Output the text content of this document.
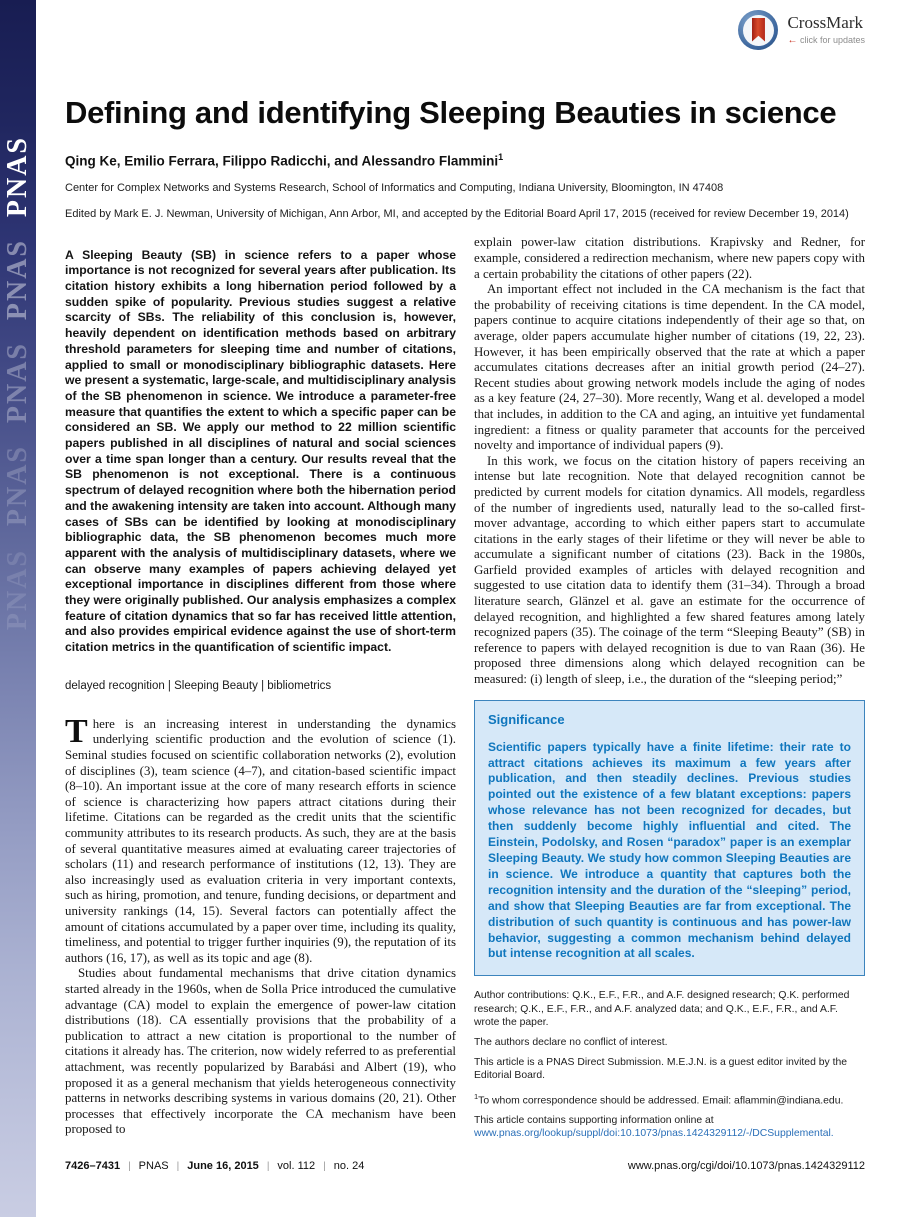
PNAS
PNAS
PNAS
PNAS
PNAS
CrossMark
← click for updates
Defining and identifying Sleeping Beauties in science
Qing Ke, Emilio Ferrara, Filippo Radicchi, and Alessandro Flammini$^1$
Center for Complex Networks and Systems Research, School of Informatics and Computing, Indiana University, Bloomington, IN 47408
Edited by Mark E. J. Newman, University of Michigan, Ann Arbor, MI, and accepted by the Editorial Board April 17, 2015 (received for review December 19, 2014)

A Sleeping Beauty (SB) in science refers to a paper whose importance is not recognized for several years after publication. Its citation history exhibits a long hibernation period followed by a sudden spike of popularity. Previous studies suggest a relative scarcity of SBs. The reliability of this conclusion is, however, heavily dependent on identification methods based on arbitrary threshold parameters for sleeping time and number of citations, applied to small or monodisciplinary bibliographic datasets. Here we present a systematic, large-scale, and multidisciplinary analysis of the SB phenomenon in science. We introduce a parameter-free measure that quantifies the extent to which a specific paper can be considered an SB. We apply our method to 22 million scientific papers published in all disciplines of natural and social sciences over a time span longer than a century. Our results reveal that the SB phenomenon is not exceptional. There is a continuous spectrum of delayed recognition where both the hibernation period and the awakening intensity are taken into account. Although many cases of SBs can be identified by looking at monodisciplinary bibliographic data, the SB phenomenon becomes much more apparent with the analysis of multidisciplinary datasets, where we can observe many examples of papers achieving delayed yet exceptional importance in disciplines different from those where they were originally published. Our analysis emphasizes a complex feature of citation dynamics that so far has received little attention, and also provides empirical evidence against the use of short-term citation metrics in the quantification of scientific impact.

delayed recognition | Sleeping Beauty | bibliometrics

There is an increasing interest in understanding the dynamics underlying scientific production and the evolution of science (1). Seminal studies focused on scientific collaboration networks (2), evolution of disciplines (3), team science (4–7), and citation-based scientific impact (8–10). An important issue at the core of many research efforts in science of science is characterizing how papers attract citations during their lifetime. Citations can be regarded as the credit units that the scientific community attributes to its research products. As such, they are at the basis of several quantitative measures aimed at evaluating career trajectories of scholars (11) and research performance of institutions (12, 13). They are also increasingly used as evaluation criteria in very important contexts, such as hiring, promotion, and tenure, funding decisions, or department and university rankings (14, 15). Several factors can potentially affect the amount of citations accumulated by a paper over time, including its quality, timeliness, and potential to trigger further inquiries (9), the reputation of its authors (16, 17), as well as its topic and age (8).

Studies about fundamental mechanisms that drive citation dynamics started already in the 1960s, when de Solla Price introduced the cumulative advantage (CA) model to explain the emergence of power-law citation distributions (18). CA essentially provisions that the probability of a publication to attract a new citation is proportional to the number of citations it already has. The criterion, now widely referred to as preferential attachment, was recently popularized by Barabási and Albert (19), who proposed it as a general mechanism that yields heterogeneous connectivity patterns in networks describing systems in various domains (20, 21). Other processes that effectively incorporate the CA mechanism have been proposed to

explain power-law citation distributions. Krapivsky and Redner, for example, considered a redirection mechanism, where new papers copy with a certain probability the citations of other papers (22).

An important effect not included in the CA mechanism is the fact that the probability of receiving citations is time dependent. In the CA model, papers continue to acquire citations independently of their age so that, on average, older papers accumulate higher number of citations (19, 22, 23). However, it has been empirically observed that the rate at which a paper accumulates citations decreases after an initial growth period (24–27). Recent studies about growing network models include the aging of nodes as a key feature (24, 27–30). More recently, Wang et al. developed a model that includes, in addition to the CA and aging, an intuitive yet fundamental ingredient: a fitness or quality parameter that accounts for the perceived novelty and importance of individual papers (9).

In this work, we focus on the citation history of papers receiving an intense but late recognition. Note that delayed recognition cannot be predicted by current models for citation dynamics. All models, regardless of the number of ingredients used, naturally lead to the so-called first-mover advantage, according to which either papers start to accumulate citations in the early stages of their lifetime or they will never be able to accumulate a significant number of citations (23). Back in the 1980s, Garfield provided examples of articles with delayed recognition and suggested to use citation data to identify them (31–34). Through a broad literature search, Glänzel et al. gave an estimate for the occurrence of delayed recognition, and highlighted a few shared features among lately recognized papers (35). The coinage of the term “Sleeping Beauty” (SB) in reference to papers with delayed recognition is due to van Raan (36). He proposed three dimensions along which delayed recognition can be measured: (i) length of sleep, i.e., the duration of the “sleeping period;”

Significance
Scientific papers typically have a finite lifetime: their rate to attract citations achieves its maximum a few years after publication, and then steadily declines. Previous studies pointed out the existence of a few blatant exceptions: papers whose relevance has not been recognized for decades, but then suddenly become highly influential and cited. The Einstein, Podolsky, and Rosen “paradox” paper is an exemplar Sleeping Beauty. We study how common Sleeping Beauties are in science. We introduce a quantity that captures both the recognition intensity and the duration of the “sleeping” period, and show that Sleeping Beauties are far from exceptional. The distribution of such quantity is continuous and has power-law behavior, suggesting a common mechanism behind delayed but intense recognition at all scales.
Author contributions: Q.K., E.F., F.R., and A.F. designed research; Q.K. performed research; Q.K., E.F., F.R., and A.F. analyzed data; and Q.K., E.F., F.R., and A.F. wrote the paper.
The authors declare no conflict of interest.
This article is a PNAS Direct Submission. M.E.J.N. is a guest editor invited by the Editorial Board.
$^1$To whom correspondence should be addressed. Email: aflammin@indiana.edu.
This article contains supporting information online at www.pnas.org/lookup/suppl/doi:10.1073/pnas.1424329112/-/DCSupplemental.
7426–7431 | PNAS | June 16, 2015 | vol. 112 | no. 24	www.pnas.org/cgi/doi/10.1073/pnas.1424329112
